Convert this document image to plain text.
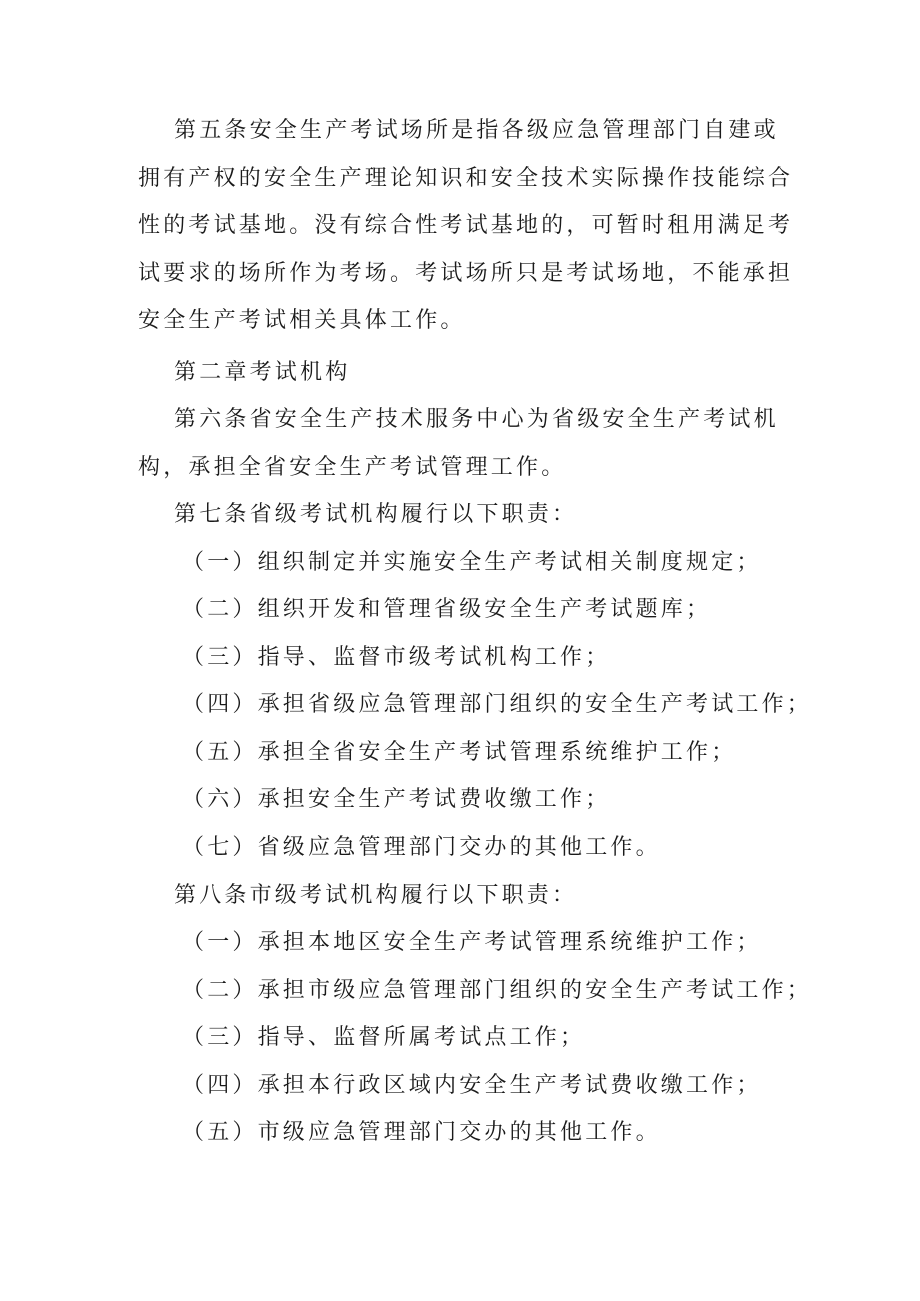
第五条安全生产考试场所是指各级应急管理部门自建或拥有产权的安全生产理论知识和安全技术实际操作技能综合性的考试基地。没有综合性考试基地的，可暂时租用满足考试要求的场所作为考场。考试场所只是考试场地，不能承担安全生产考试相关具体工作。

第二章考试机构

第六条省安全生产技术服务中心为省级安全生产考试机构，承担全省安全生产考试管理工作。

第七条省级考试机构履行以下职责：

（一）组织制定并实施安全生产考试相关制度规定；

（二）组织开发和管理省级安全生产考试题库；

（三）指导、监督市级考试机构工作；

（四）承担省级应急管理部门组织的安全生产考试工作；

（五）承担全省安全生产考试管理系统维护工作；

（六）承担安全生产考试费收缴工作；

（七）省级应急管理部门交办的其他工作。

第八条市级考试机构履行以下职责：

（一）承担本地区安全生产考试管理系统维护工作；

（二）承担市级应急管理部门组织的安全生产考试工作；

（三）指导、监督所属考试点工作；

（四）承担本行政区域内安全生产考试费收缴工作；

（五）市级应急管理部门交办的其他工作。
